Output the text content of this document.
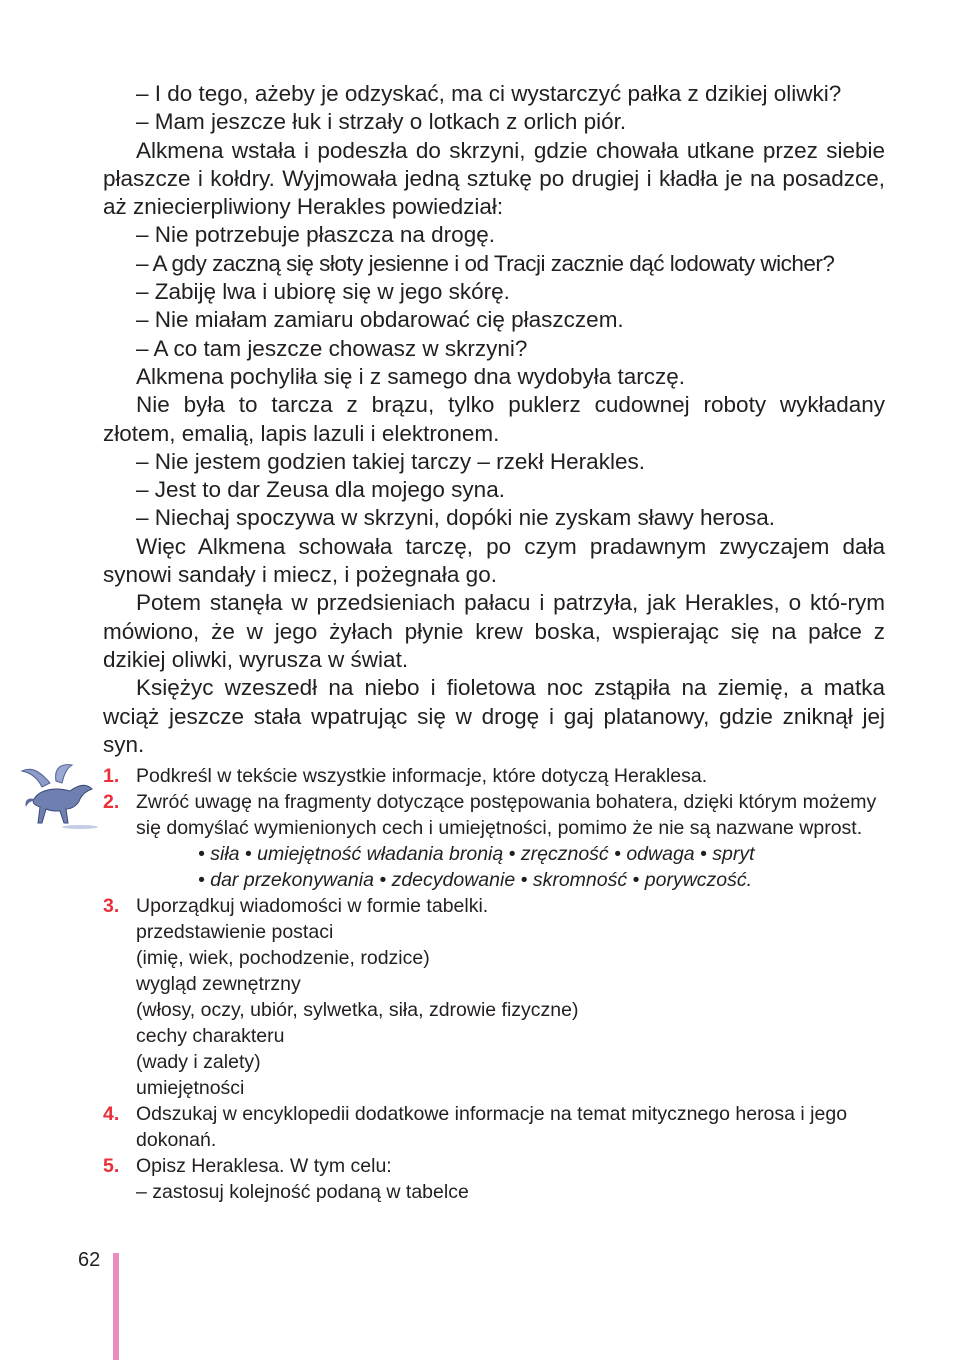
– I do tego, ażeby je odzyskać, ma ci wystarczyć pałka z dzikiej oliwki?

– Mam jeszcze łuk i strzały o lotkach z orlich piór.

Alkmena wstała i podeszła do skrzyni, gdzie chowała utkane przez siebie płaszcze i kołdry. Wyjmowała jedną sztukę po drugiej i kładła je na posadzce, aż zniecierpliwiony Herakles powiedział:

– Nie potrzebuje płaszcza na drogę.

– A gdy zaczną się słoty jesienne i od Tracji zacznie dąć lodowaty wicher?

– Zabiję lwa i ubiorę się w jego skórę.

– Nie miałam zamiaru obdarować cię płaszczem.

– A co tam jeszcze chowasz w skrzyni?

Alkmena pochyliła się i z samego dna wydobyła tarczę.

Nie była to tarcza z brązu, tylko puklerz cudownej roboty wykładany złotem, emalią, lapis lazuli i elektronem.

– Nie jestem godzien takiej tarczy – rzekł Herakles.

– Jest to dar Zeusa dla mojego syna.

– Niechaj spoczywa w skrzyni, dopóki nie zyskam sławy herosa.

Więc Alkmena schowała tarczę, po czym pradawnym zwyczajem dała synowi sandały i miecz, i pożegnała go.

Potem stanęła w przedsieniach pałacu i patrzyła, jak Herakles, o któ-rym mówiono, że w jego żyłach płynie krew boska, wspierając się na pałce z dzikiej oliwki, wyrusza w świat.

Księżyc wzeszedł na niebo i fioletowa noc zstąpiła na ziemię, a matka wciąż jeszcze stała wpatrując się w drogę i gaj platanowy, gdzie zniknął jej syn.

1. Podkreśl w tekście wszystkie informacje, które dotyczą Heraklesa.
2. Zwróć uwagę na fragmenty dotyczące postępowania bohatera, dzięki którym możemy się domyślać wymienionych cech i umiejętności, pomimo że nie są nazwane wprost.
• siła • umiejętność władania bronią • zręczność • odwaga • spryt
• dar przekonywania • zdecydowanie • skromność • porywczość.
3. Uporządkuj wiadomości w formie tabelki.
przedstawienie postaci
(imię, wiek, pochodzenie, rodzice)
wygląd zewnętrzny
(włosy, oczy, ubiór, sylwetka, siła, zdrowie fizyczne)
cechy charakteru
(wady i zalety)
umiejętności
4. Odszukaj w encyklopedii dodatkowe informacje na temat mitycznego herosa i jego dokonań.
5. Opisz Heraklesa. W tym celu:
– zastosuj kolejność podaną w tabelce
62
